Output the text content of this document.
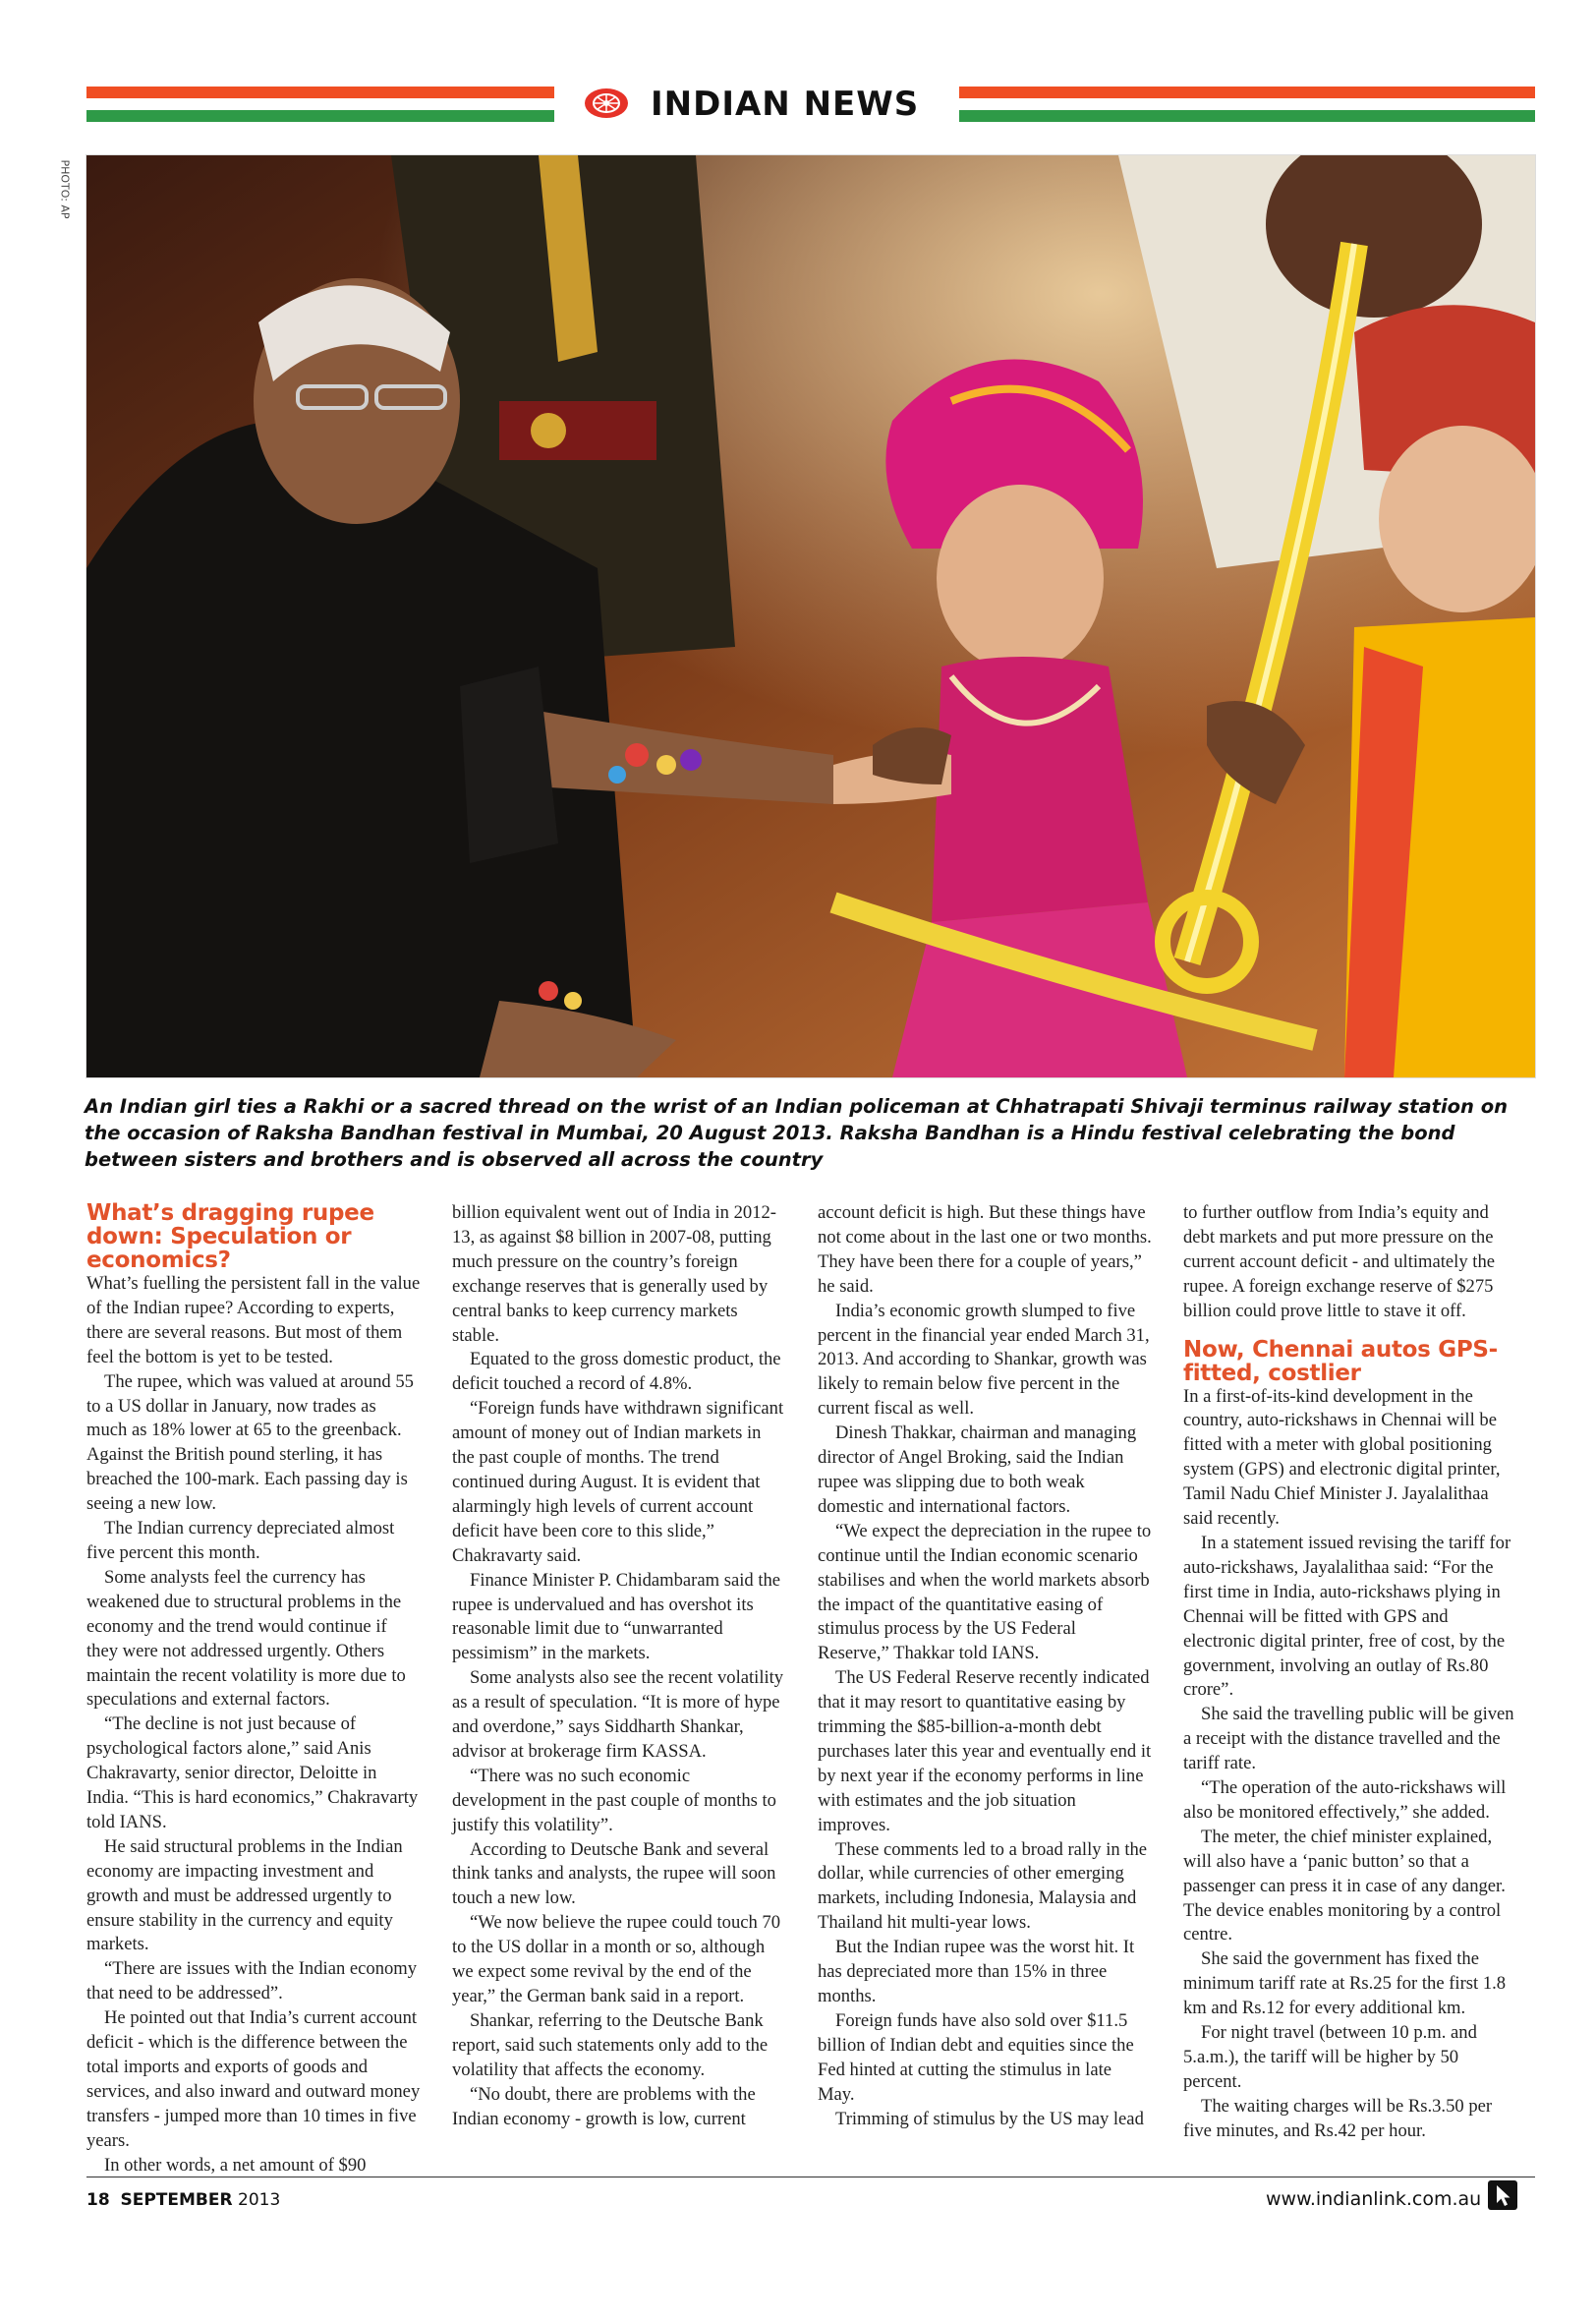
INDIAN NEWS
PHOTO: AP
An Indian girl ties a Rakhi or a sacred thread on the wrist of an Indian policeman at Chhatrapati Shivaji terminus railway station on the occasion of Raksha Bandhan festival in Mumbai, 20 August 2013. Raksha Bandhan is a Hindu festival celebrating the bond between sisters and brothers and is observed all across the country
What’s dragging rupee down: Speculation or economics?

What’s fuelling the persistent fall in the value of the Indian rupee? According to experts, there are several reasons. But most of them feel the bottom is yet to be tested.

The rupee, which was valued at around 55 to a US dollar in January, now trades as much as 18% lower at 65 to the greenback. Against the British pound sterling, it has breached the 100-mark. Each passing day is seeing a new low.

The Indian currency depreciated almost five percent this month.

Some analysts feel the currency has weakened due to structural problems in the economy and the trend would continue if they were not addressed urgently. Others maintain the recent volatility is more due to speculations and external factors.

“The decline is not just because of psychological factors alone,” said Anis Chakravarty, senior director, Deloitte in India. “This is hard economics,” Chakravarty told IANS.

He said structural problems in the Indian economy are impacting investment and growth and must be addressed urgently to ensure stability in the currency and equity markets.

“There are issues with the Indian economy that need to be addressed”.

He pointed out that India’s current account deficit - which is the difference between the total imports and exports of goods and services, and also inward and outward money transfers - jumped more than 10 times in five years.

In other words, a net amount of $90

billion equivalent went out of India in 2012-13, as against $8 billion in 2007-08, putting much pressure on the country’s foreign exchange reserves that is generally used by central banks to keep currency markets stable.

Equated to the gross domestic product, the deficit touched a record of 4.8%.

“Foreign funds have withdrawn significant amount of money out of Indian markets in the past couple of months. The trend continued during August. It is evident that alarmingly high levels of current account deficit have been core to this slide,” Chakravarty said.

Finance Minister P. Chidambaram said the rupee is undervalued and has overshot its reasonable limit due to “unwarranted pessimism” in the markets.

Some analysts also see the recent volatility as a result of speculation. “It is more of hype and overdone,” says Siddharth Shankar, advisor at brokerage firm KASSA.

“There was no such economic development in the past couple of months to justify this volatility”.

According to Deutsche Bank and several think tanks and analysts, the rupee will soon touch a new low.

“We now believe the rupee could touch 70 to the US dollar in a month or so, although we expect some revival by the end of the year,” the German bank said in a report.

Shankar, referring to the Deutsche Bank report, said such statements only add to the volatility that affects the economy.

“No doubt, there are problems with the Indian economy - growth is low, current

account deficit is high. But these things have not come about in the last one or two months. They have been there for a couple of years,” he said.

India’s economic growth slumped to five percent in the financial year ended March 31, 2013. And according to Shankar, growth was likely to remain below five percent in the current fiscal as well.

Dinesh Thakkar, chairman and managing director of Angel Broking, said the Indian rupee was slipping due to both weak domestic and international factors.

“We expect the depreciation in the rupee to continue until the Indian economic scenario stabilises and when the world markets absorb the impact of the quantitative easing of stimulus process by the US Federal Reserve,” Thakkar told IANS.

The US Federal Reserve recently indicated that it may resort to quantitative easing by trimming the $85-billion-a-month debt purchases later this year and eventually end it by next year if the economy performs in line with estimates and the job situation improves.

These comments led to a broad rally in the dollar, while currencies of other emerging markets, including Indonesia, Malaysia and Thailand hit multi-year lows.

But the Indian rupee was the worst hit. It has depreciated more than 15% in three months.

Foreign funds have also sold over $11.5 billion of Indian debt and equities since the Fed hinted at cutting the stimulus in late May.

Trimming of stimulus by the US may lead

to further outflow from India’s equity and debt markets and put more pressure on the current account deficit - and ultimately the rupee. A foreign exchange reserve of $275 billion could prove little to stave it off.

Now, Chennai autos GPS-fitted, costlier

In a first-of-its-kind development in the country, auto-rickshaws in Chennai will be fitted with a meter with global positioning system (GPS) and electronic digital printer, Tamil Nadu Chief Minister J. Jayalalithaa said recently.

In a statement issued revising the tariff for auto-rickshaws, Jayalalithaa said: “For the first time in India, auto-rickshaws plying in Chennai will be fitted with GPS and electronic digital printer, free of cost, by the government, involving an outlay of Rs.80 crore”.

She said the travelling public will be given a receipt with the distance travelled and the tariff rate.

“The operation of the auto-rickshaws will also be monitored effectively,” she added.

The meter, the chief minister explained, will also have a ‘panic button’ so that a passenger can press it in case of any danger. The device enables monitoring by a control centre.

She said the government has fixed the minimum tariff rate at Rs.25 for the first 1.8 km and Rs.12 for every additional km.

For night travel (between 10 p.m. and 5.a.m.), the tariff will be higher by 50 percent.

The waiting charges will be Rs.3.50 per five minutes, and Rs.42 per hour.

18 SEPTEMBER 2013	www.indianlink.com.au
